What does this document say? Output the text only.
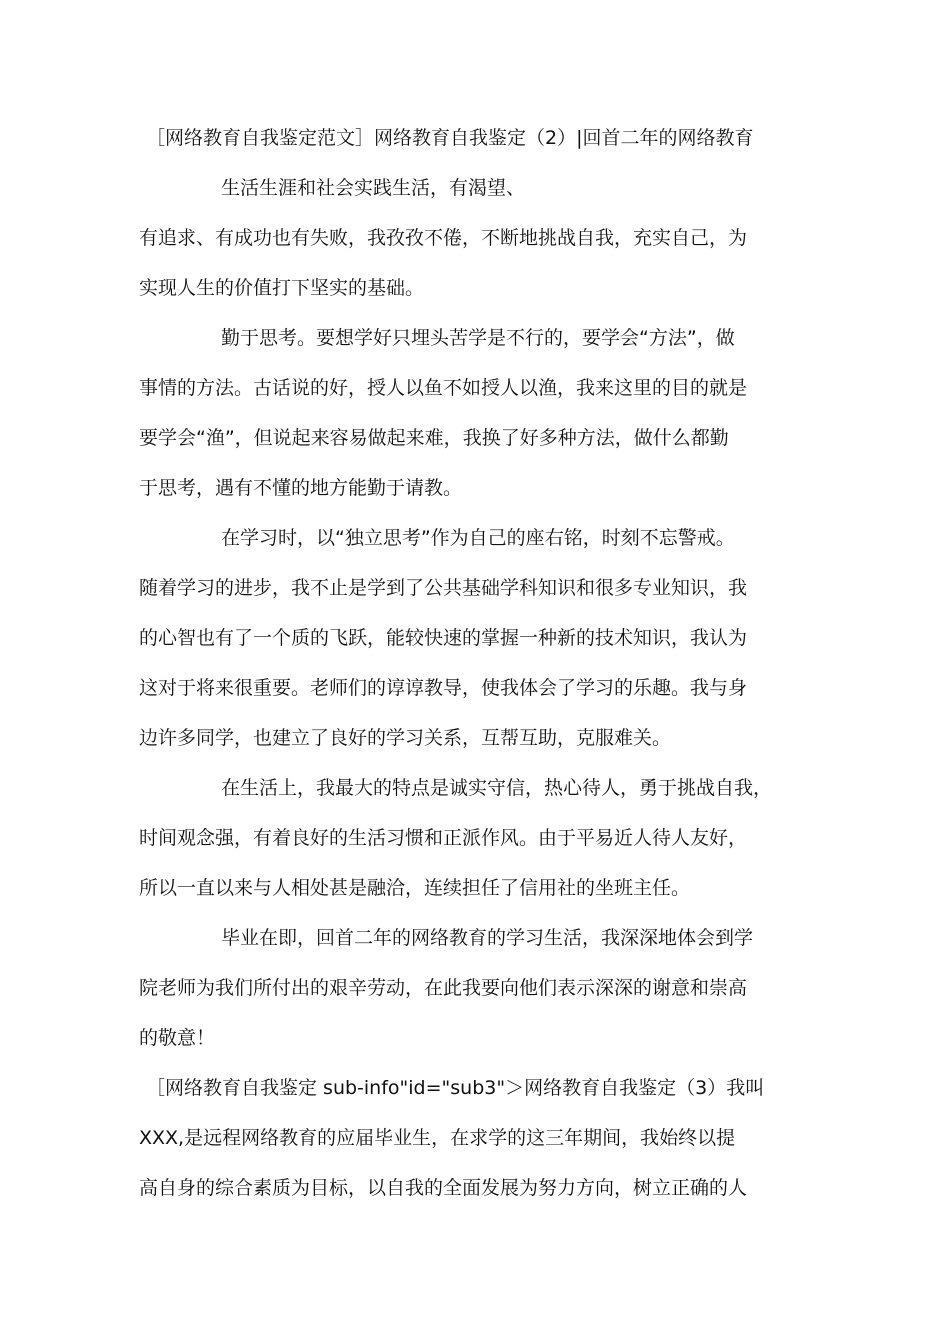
［网络教育自我鉴定范文］网络教育自我鉴定（2）|回首二年的网络教育
生活生涯和社会实践生活，有渴望、
有追求、有成功也有失败，我孜孜不倦，不断地挑战自我，充实自己，为
实现人生的价值打下坚实的基础。
勤于思考。要想学好只埋头苦学是不行的，要学会“方法”，做
事情的方法。古话说的好，授人以鱼不如授人以渔，我来这里的目的就是
要学会“渔”，但说起来容易做起来难，我换了好多种方法，做什么都勤
于思考，遇有不懂的地方能勤于请教。
在学习时，以“独立思考”作为自己的座右铭，时刻不忘警戒。
随着学习的进步，我不止是学到了公共基础学科知识和很多专业知识，我
的心智也有了一个质的飞跃，能较快速的掌握一种新的技术知识，我认为
这对于将来很重要。老师们的谆谆教导，使我体会了学习的乐趣。我与身
边许多同学，也建立了良好的学习关系，互帮互助，克服难关。
在生活上，我最大的特点是诚实守信，热心待人，勇于挑战自我，
时间观念强，有着良好的生活习惯和正派作风。由于平易近人待人友好，
所以一直以来与人相处甚是融洽，连续担任了信用社的坐班主任。
毕业在即，回首二年的网络教育的学习生活，我深深地体会到学
院老师为我们所付出的艰辛劳动，在此我要向他们表示深深的谢意和崇高
的敬意！
［网络教育自我鉴定 sub-info"id="sub3"＞网络教育自我鉴定（3）我叫
XXX,是远程网络教育的应届毕业生，在求学的这三年期间，我始终以提
高自身的综合素质为目标，以自我的全面发展为努力方向，树立正确的人
